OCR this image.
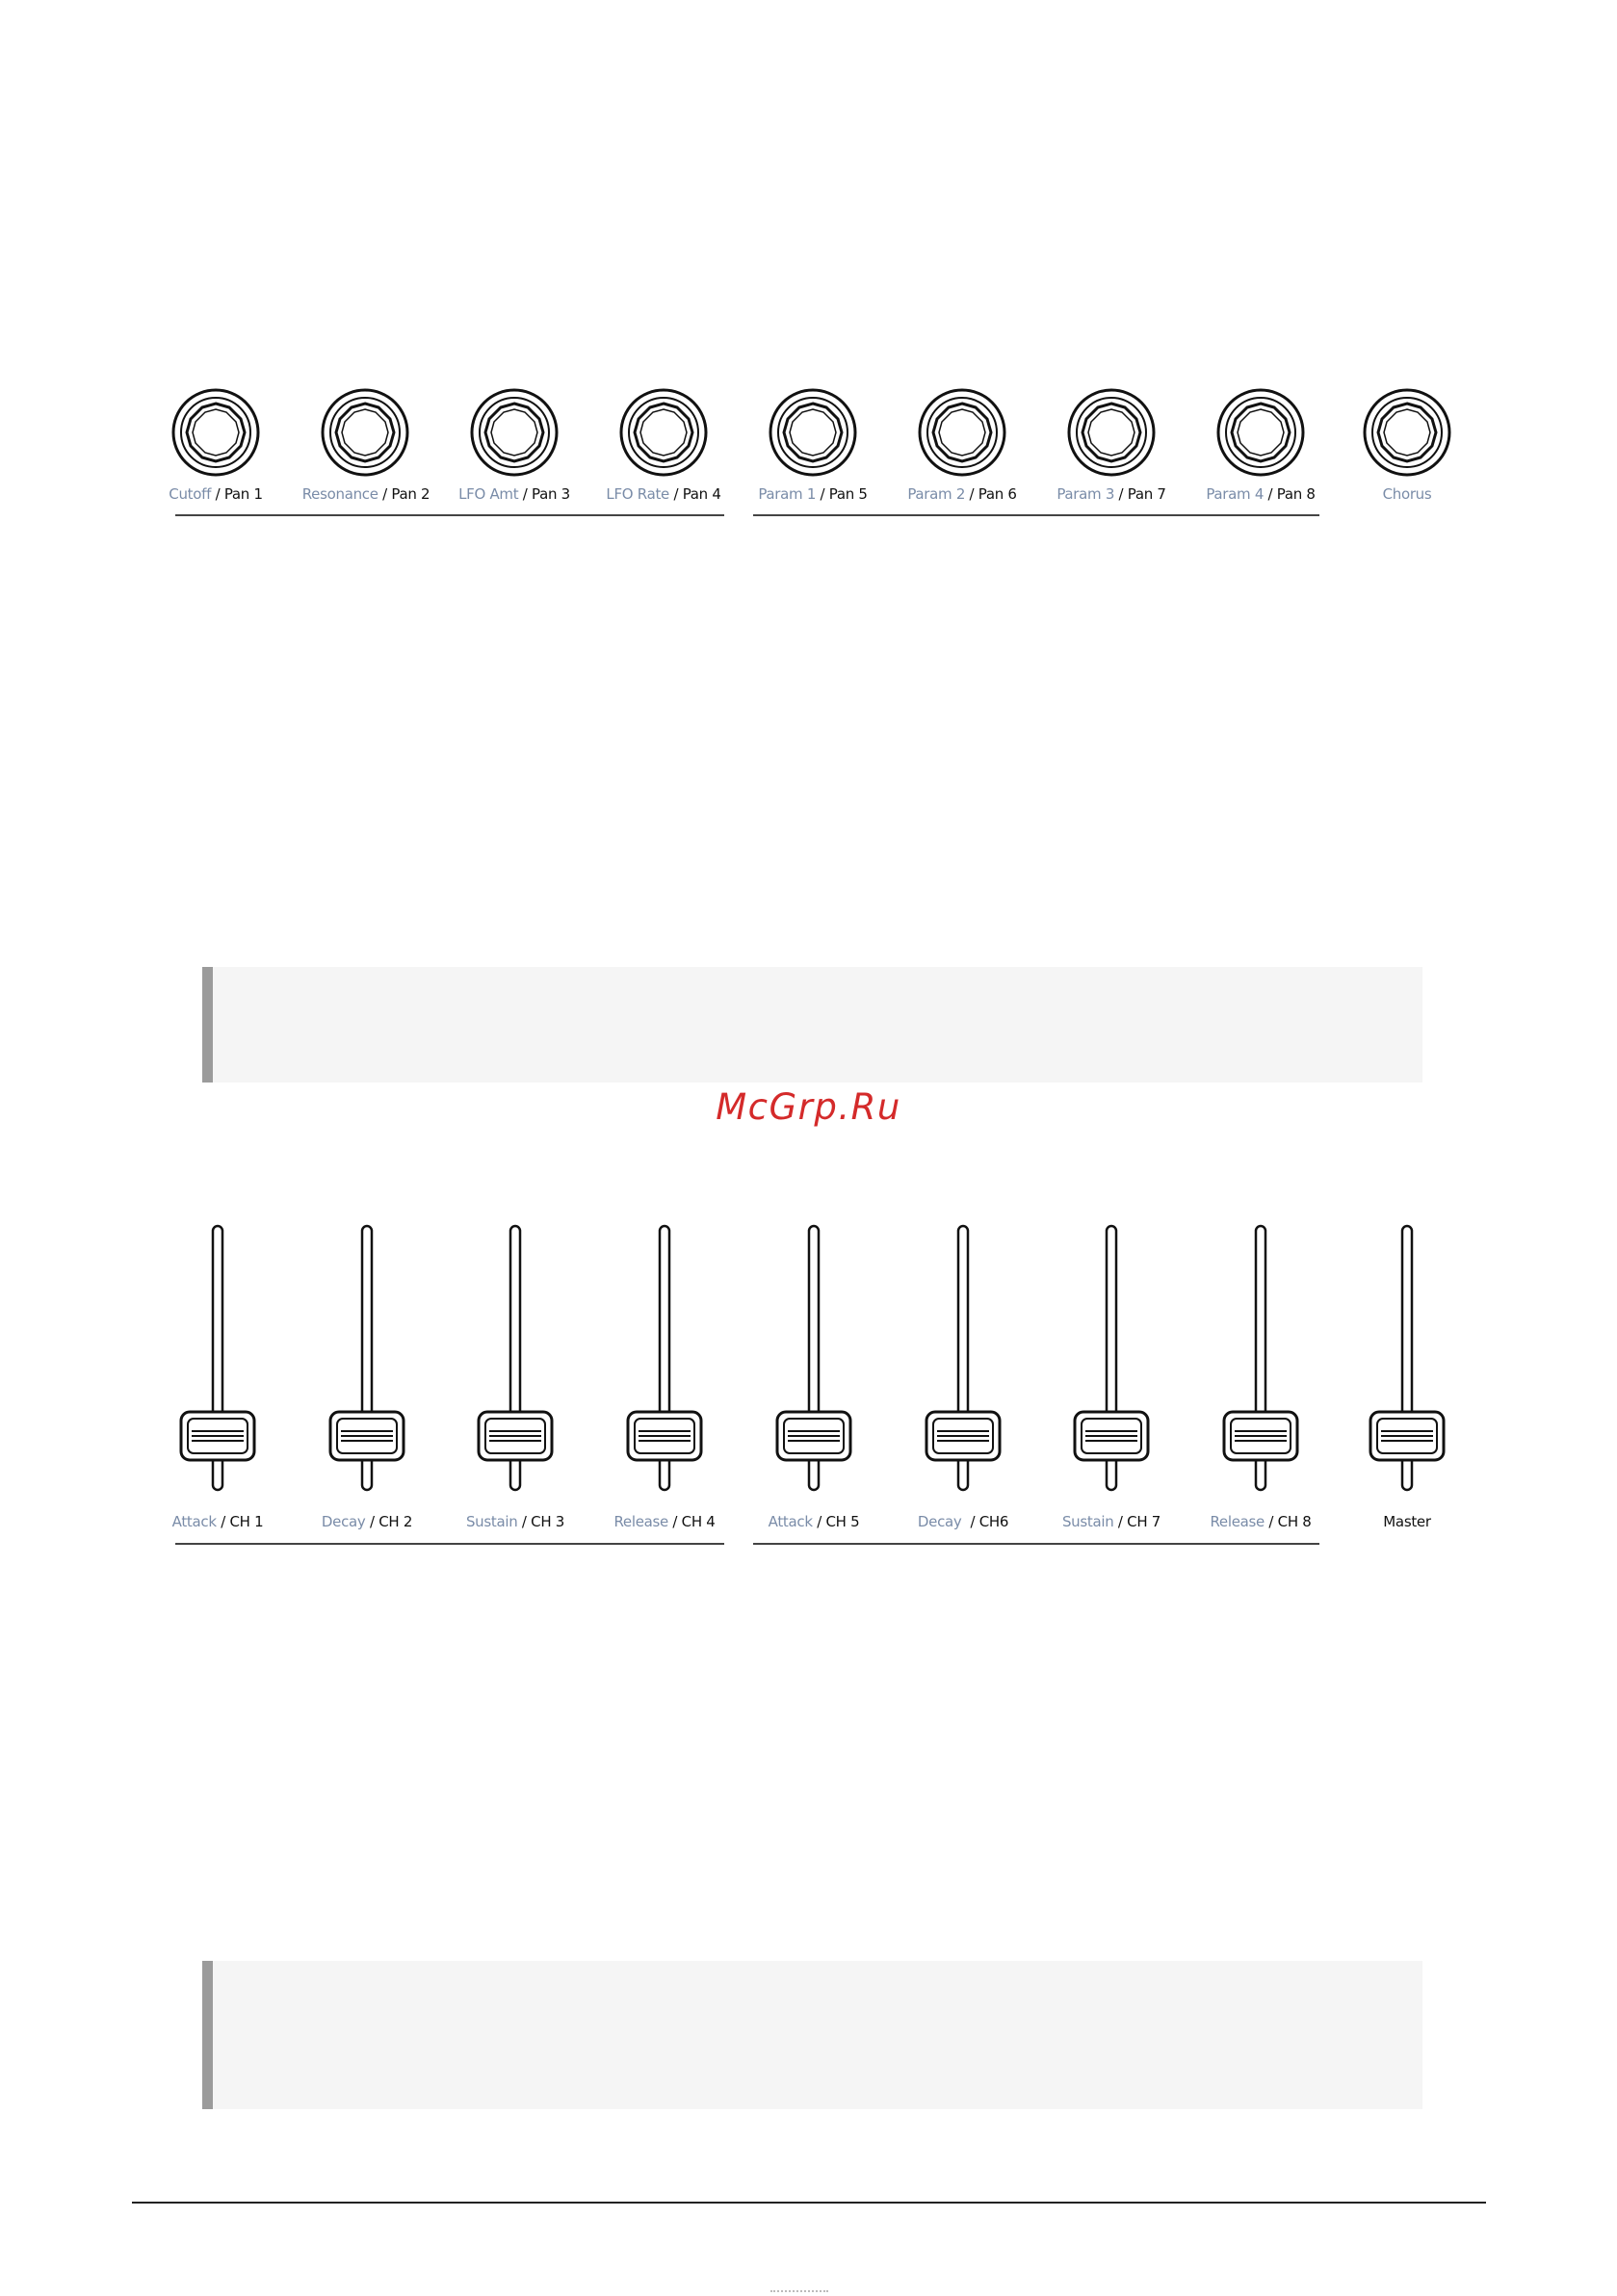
Cutoff / Pan 1	Resonance / Pan 2	LFO Amt / Pan 3	LFO Rate / Pan 4	Param 1 / Pan 5	Param 2 / Pan 6	Param 3 / Pan 7	Param 4 / Pan 8	Chorus
McGrp.Ru
Attack / CH 1	Decay / CH 2	Sustain / CH 3	Release / CH 4	Attack / CH 5	Decay  / CH6	Sustain / CH 7	Release / CH 8	Master
